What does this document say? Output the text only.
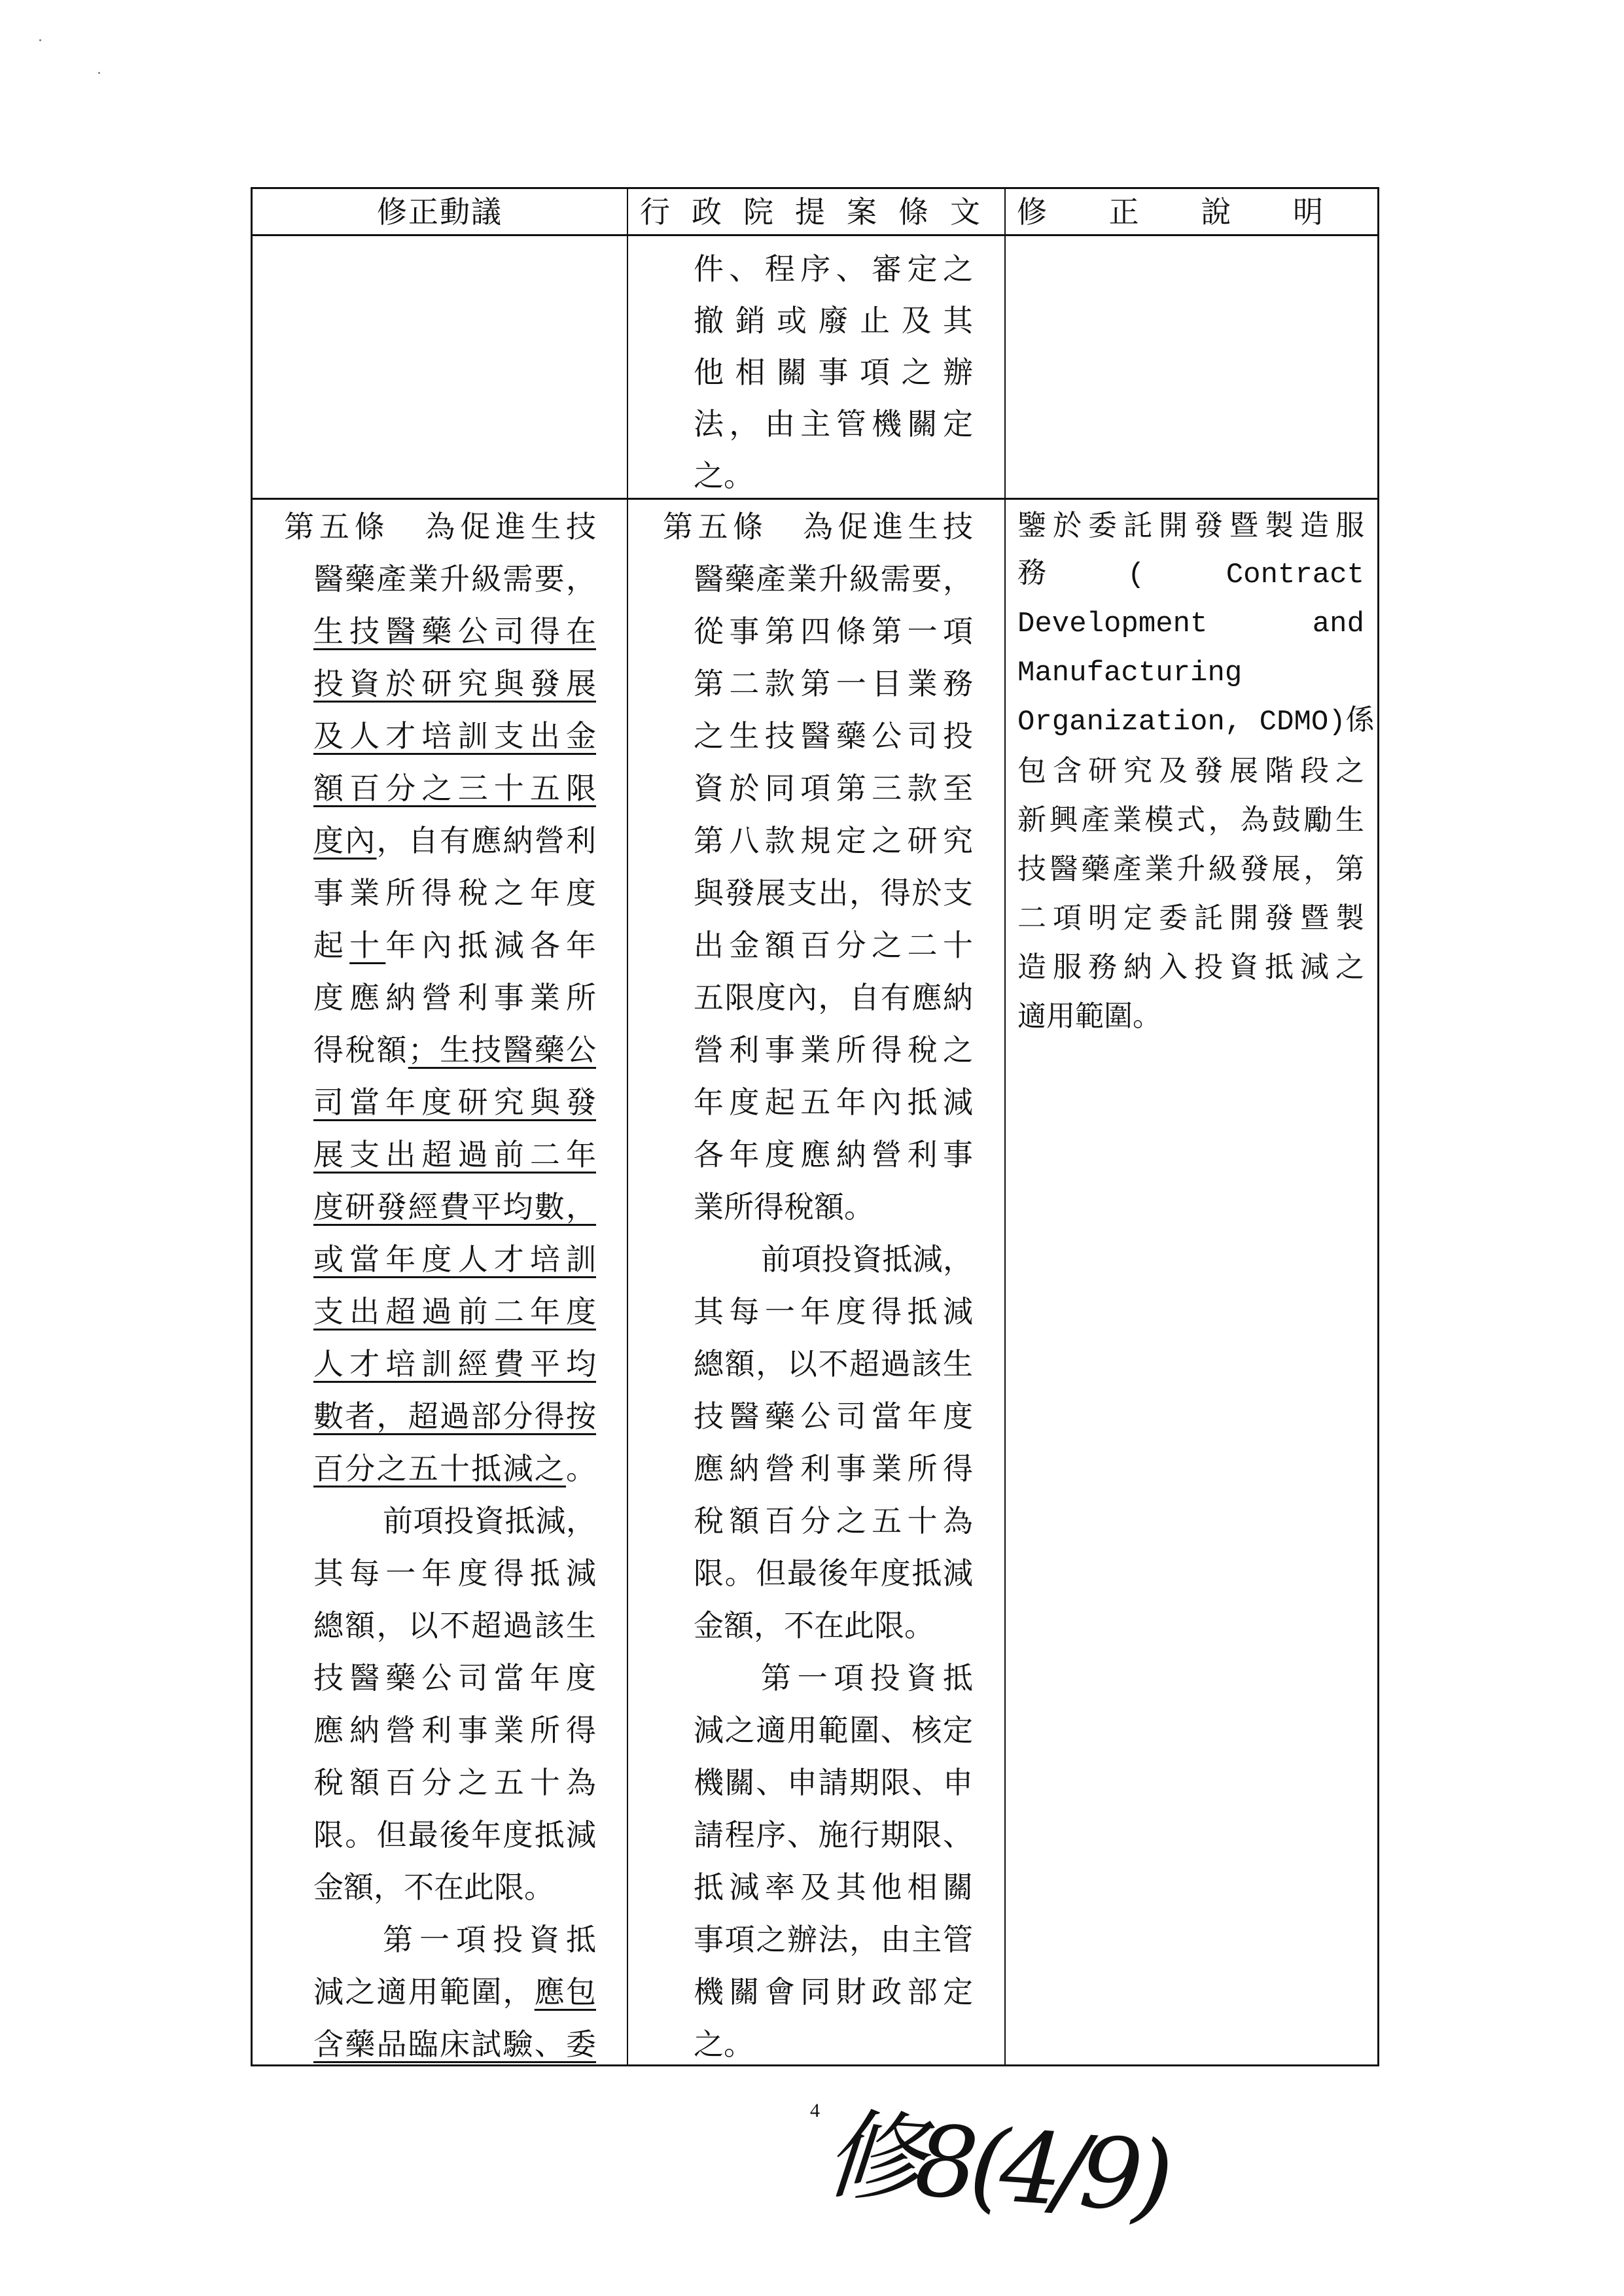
修正動議	行政院提案條文 修正說明
件、程序、審定之
撤銷或廢止及其
他相關事項之辦
法，由主管機關定
之。
第五條　為促進生技
醫藥產業升級需要，
生技醫藥公司得在
投資於研究與發展
及人才培訓支出金
額百分之三十五限
度內，自有應納營利
事業所得稅之年度
起十年內抵減各年
度應納營利事業所
得稅額；生技醫藥公
司當年度研究與發
展支出超過前二年
度研發經費平均數，
或當年度人才培訓
支出超過前二年度
人才培訓經費平均
數者，超過部分得按
百分之五十抵減之。
前項投資抵減，
其每一年度得抵減
總額，以不超過該生
技醫藥公司當年度
應納營利事業所得
稅額百分之五十為
限。但最後年度抵減
金額，不在此限。
第一項投資抵
減之適用範圍，應包
含藥品臨床試驗、委
第五條　為促進生技
醫藥產業升級需要，
從事第四條第一項
第二款第一目業務
之生技醫藥公司投
資於同項第三款至
第八款規定之研究
與發展支出，得於支
出金額百分之二十
五限度內，自有應納
營利事業所得稅之
年度起五年內抵減
各年度應納營利事
業所得稅額。
前項投資抵減，
其每一年度得抵減
總額，以不超過該生
技醫藥公司當年度
應納營利事業所得
稅額百分之五十為
限。但最後年度抵減
金額，不在此限。
第一項投資抵
減之適用範圍、核定
機關、申請期限、申
請程序、施行期限、
抵減率及其他相關
事項之辦法，由主管
機關會同財政部定
之。
鑒於委託開發暨製造服
務　(　Contract
Development　and
Manufacturing
Organization, CDMO)係
包含研究及發展階段之
新興產業模式，為鼓勵生
技醫藥產業升級發展，第
二項明定委託開發暨製
造服務納入投資抵減之
適用範圍。
4 修8(4/9)
